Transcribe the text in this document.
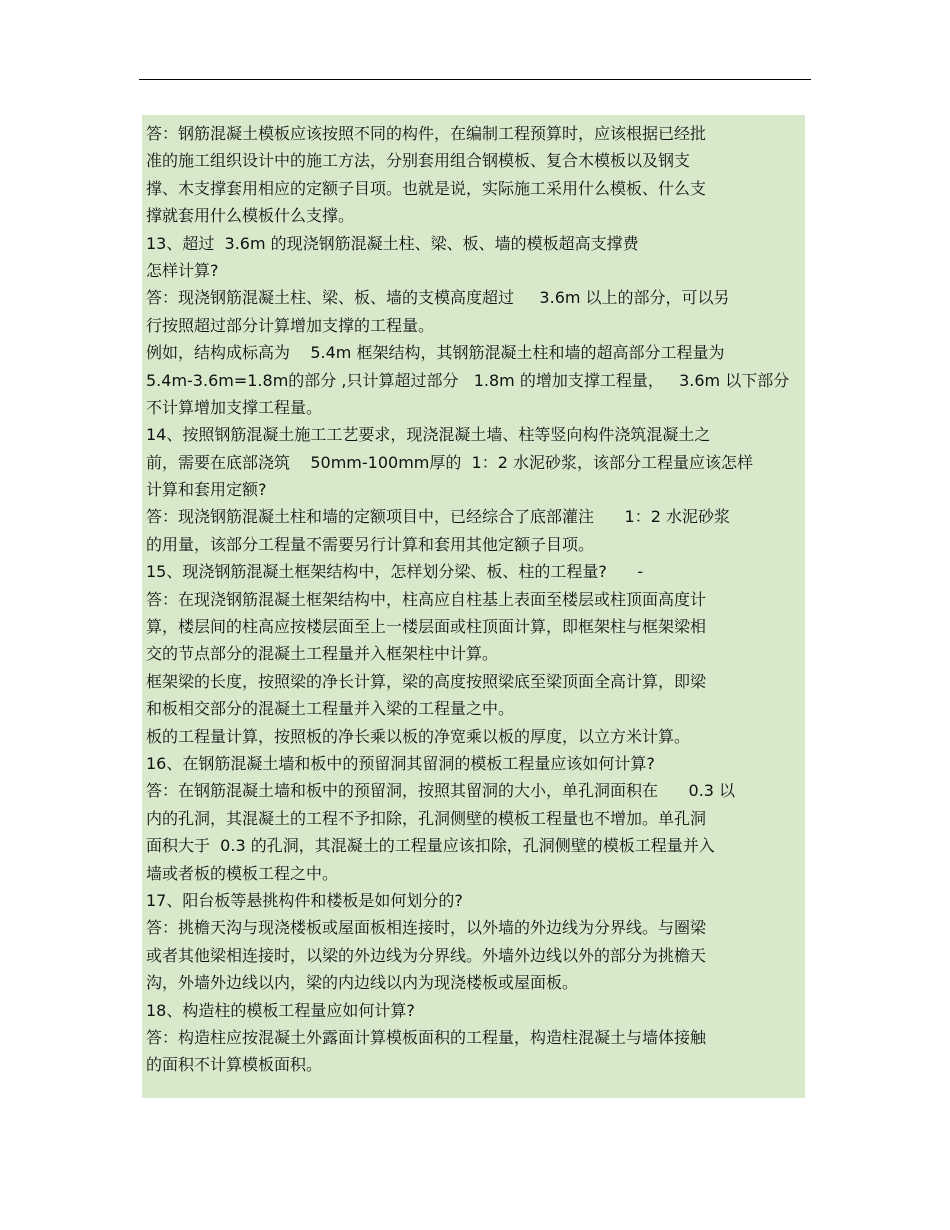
答：钢筋混凝土模板应该按照不同的构件，在编制工程预算时，应该根据已经批
准的施工组织设计中的施工方法，分别套用组合钢模板、复合木模板以及钢支
撑、木支撑套用相应的定额子目项。也就是说，实际施工采用什么模板、什么支
撑就套用什么模板什么支撑。
13、超过  3.6m 的现浇钢筋混凝土柱、梁、板、墙的模板超高支撑费
怎样计算?
答：现浇钢筋混凝土柱、梁、板、墙的支模高度超过     3.6m 以上的部分，可以另
行按照超过部分计算增加支撑的工程量。
例如，结构成标高为    5.4m 框架结构，其钢筋混凝土柱和墙的超高部分工程量为
5.4m-3.6m=1.8m的部分 ,只计算超过部分   1.8m 的增加支撑工程量，   3.6m 以下部分
不计算增加支撑工程量。
14、按照钢筋混凝土施工工艺要求，现浇混凝土墙、柱等竖向构件浇筑混凝土之
前，需要在底部浇筑    50mm-100mm厚的  1：2 水泥砂浆，该部分工程量应该怎样
计算和套用定额?
答：现浇钢筋混凝土柱和墙的定额项目中，已经综合了底部灌注      1：2 水泥砂浆
的用量，该部分工程量不需要另行计算和套用其他定额子目项。
15、现浇钢筋混凝土框架结构中，怎样划分梁、板、柱的工程量?      -
答：在现浇钢筋混凝土框架结构中，柱高应自柱基上表面至楼层或柱顶面高度计
算，楼层间的柱高应按楼层面至上一楼层面或柱顶面计算，即框架柱与框架梁相
交的节点部分的混凝土工程量并入框架柱中计算。
框架梁的长度，按照梁的净长计算，梁的高度按照梁底至梁顶面全高计算，即梁
和板相交部分的混凝土工程量并入梁的工程量之中。
板的工程量计算，按照板的净长乘以板的净宽乘以板的厚度，以立方米计算。
16、在钢筋混凝土墙和板中的预留洞其留洞的模板工程量应该如何计算?
答：在钢筋混凝土墙和板中的预留洞，按照其留洞的大小，单孔洞面积在      0.3 以
内的孔洞，其混凝土的工程不予扣除，孔洞侧壁的模板工程量也不增加。单孔洞
面积大于  0.3 的孔洞，其混凝土的工程量应该扣除，孔洞侧壁的模板工程量并入
墙或者板的模板工程之中。
17、阳台板等悬挑构件和楼板是如何划分的?
答：挑檐天沟与现浇楼板或屋面板相连接时，以外墙的外边线为分界线。与圈梁
或者其他梁相连接时，以梁的外边线为分界线。外墙外边线以外的部分为挑檐天
沟，外墙外边线以内，梁的内边线以内为现浇楼板或屋面板。
18、构造柱的模板工程量应如何计算?
答：构造柱应按混凝土外露面计算模板面积的工程量，构造柱混凝土与墙体接触
的面积不计算模板面积。
